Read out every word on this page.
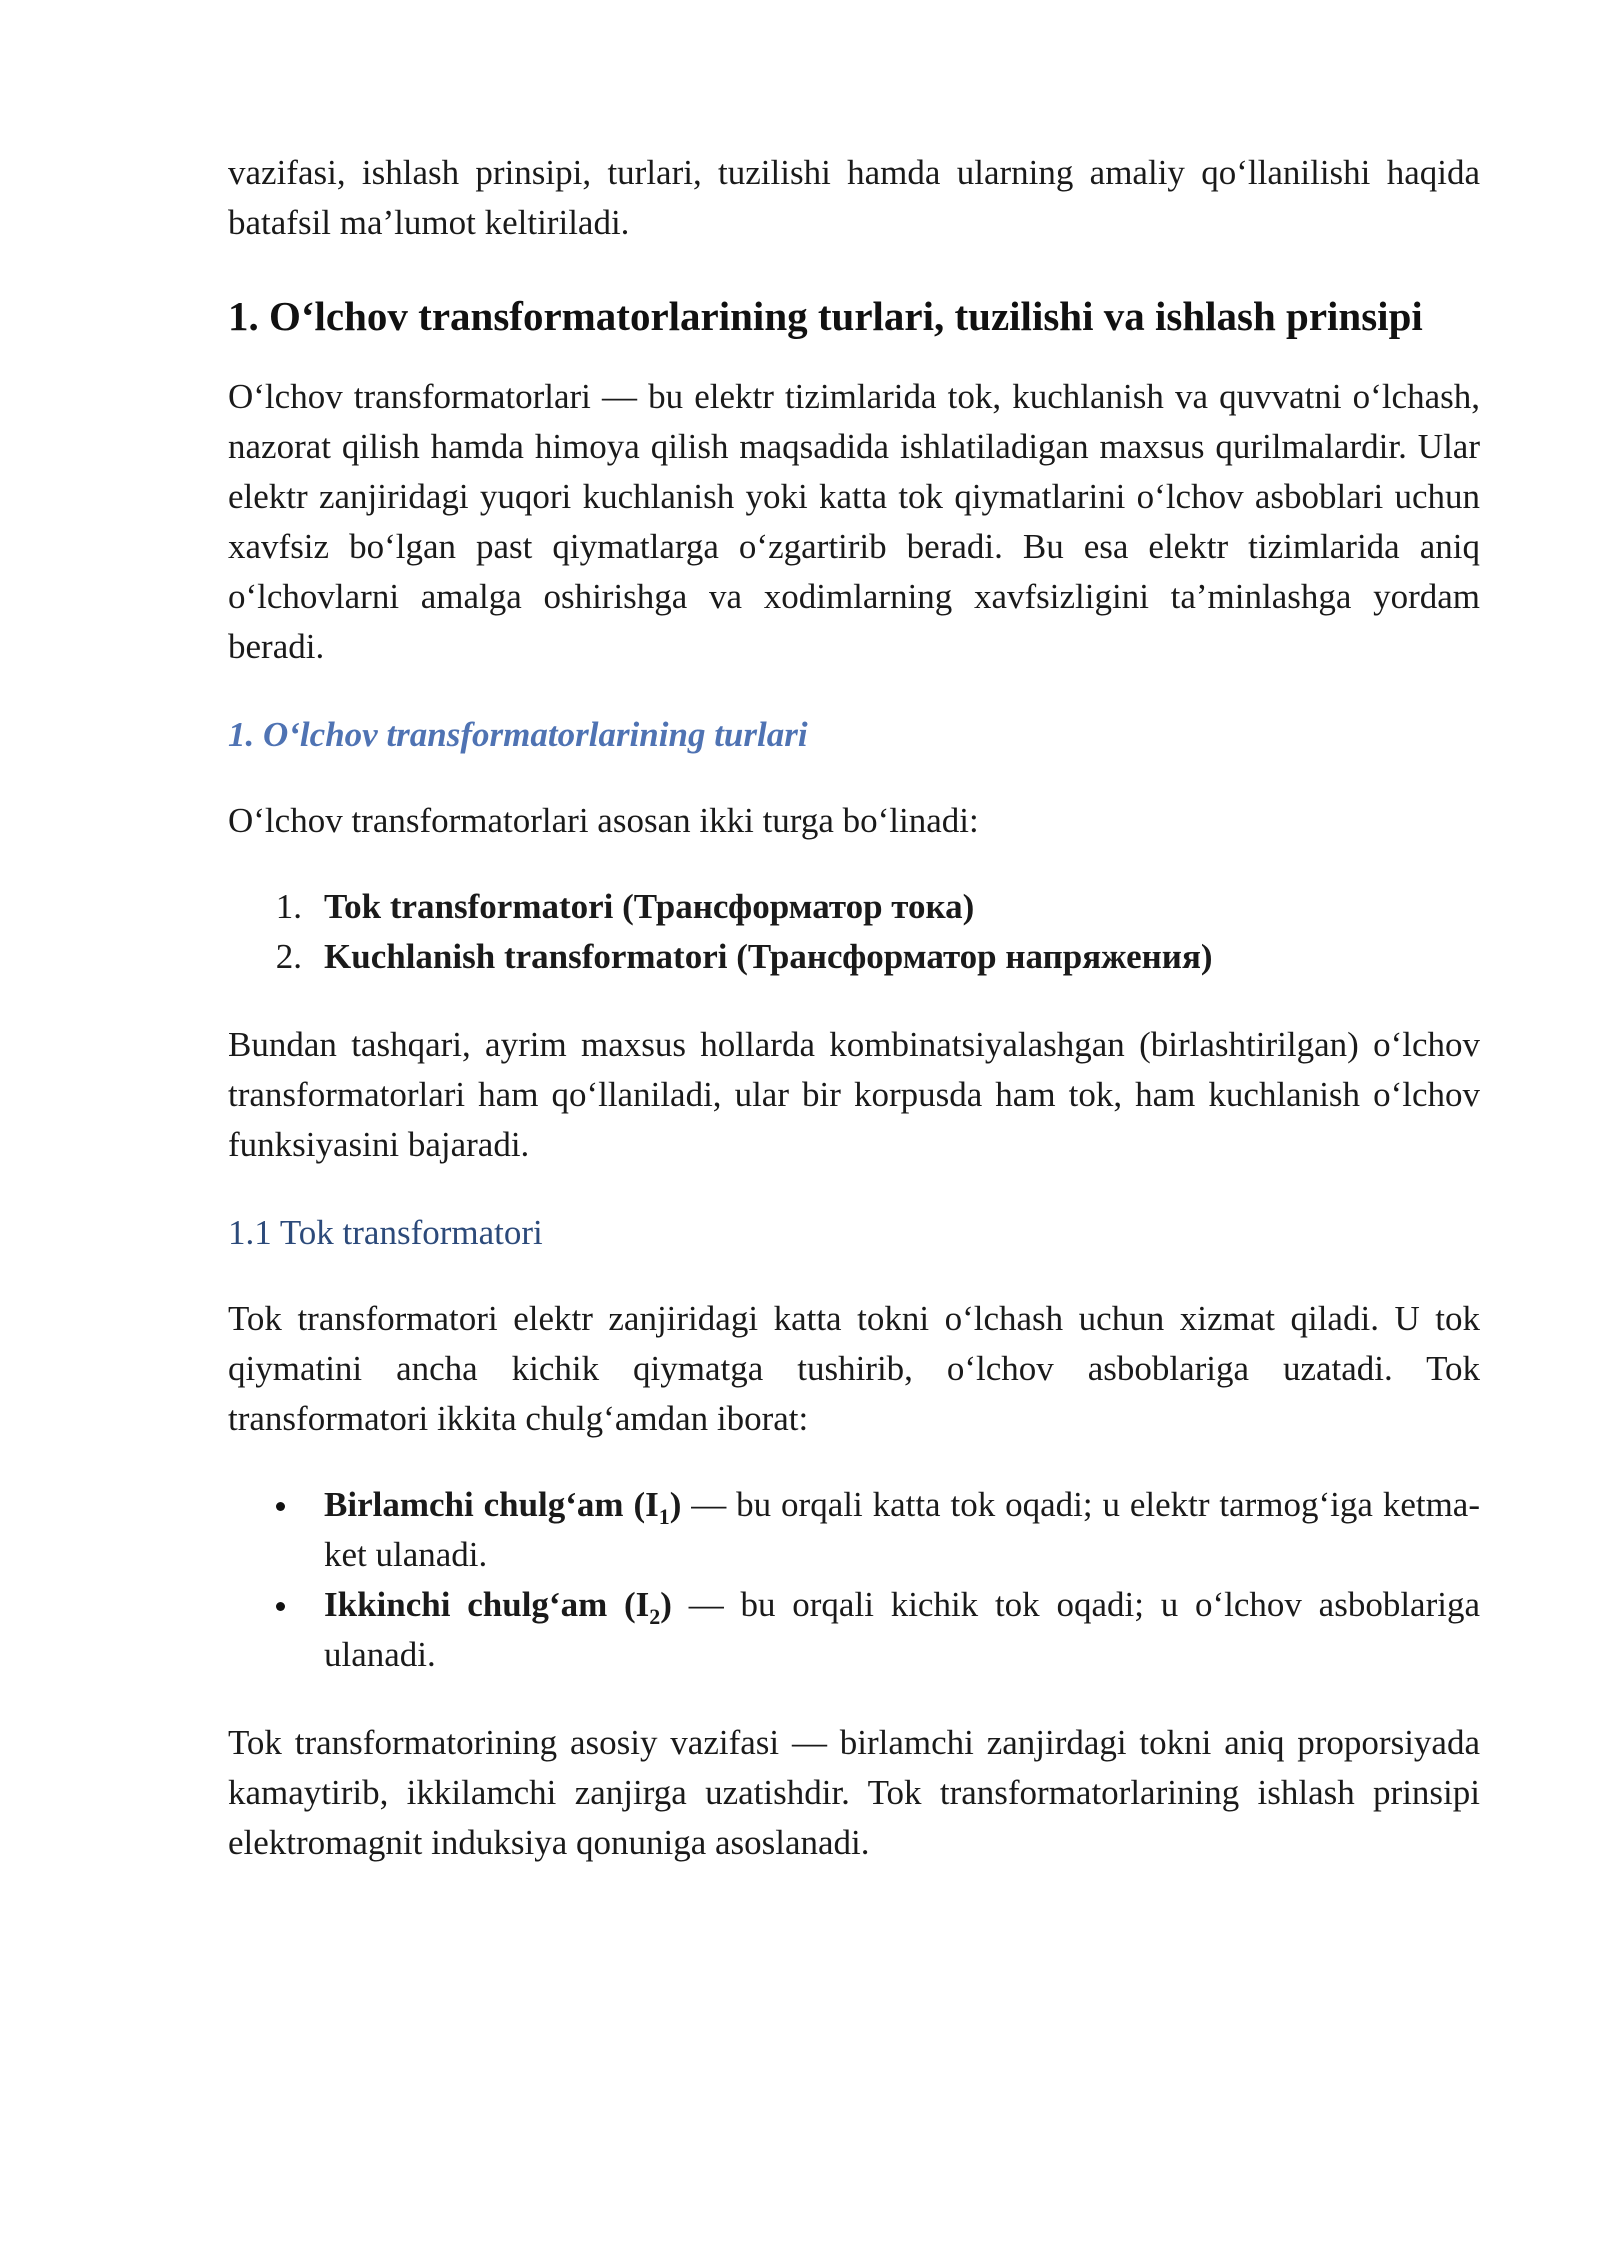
vazifasi, ishlash prinsipi, turlari, tuzilishi hamda ularning amaliy qo‘llanilishi haqida batafsil ma’lumot keltiriladi.

1. O‘lchov transformatorlarining turlari, tuzilishi va ishlash prinsipi

O‘lchov transformatorlari — bu elektr tizimlarida tok, kuchlanish va quvvatni o‘lchash, nazorat qilish hamda himoya qilish maqsadida ishlatiladigan maxsus qurilmalardir. Ular elektr zanjiridagi yuqori kuchlanish yoki katta tok qiymatlarini o‘lchov asboblari uchun xavfsiz bo‘lgan past qiymatlarga o‘zgartirib beradi. Bu esa elektr tizimlarida aniq o‘lchovlarni amalga oshirishga va xodimlarning xavfsizligini ta’minlashga yordam beradi.

1. O‘lchov transformatorlarining turlari

O‘lchov transformatorlari asosan ikki turga bo‘linadi:

1. Tok transformatori (Трансформатор тока)
2. Kuchlanish transformatori (Трансформатор напряжения)

Bundan tashqari, ayrim maxsus hollarda kombinatsiyalashgan (birlashtirilgan) o‘lchov transformatorlari ham qo‘llaniladi, ular bir korpusda ham tok, ham kuchlanish o‘lchov funksiyasini bajaradi.

1.1 Tok transformatori

Tok transformatori elektr zanjiridagi katta tokni o‘lchash uchun xizmat qiladi. U tok qiymatini ancha kichik qiymatga tushirib, o‘lchov asboblariga uzatadi. Tok transformatori ikkita chulg‘amdan iborat:

Birlamchi chulg‘am $(I_1)$ — bu orqali katta tok oqadi; u elektr tarmog‘iga ketma-ket ulanadi.
Ikkinchi chulg‘am $(I_2)$ — bu orqali kichik tok oqadi; u o‘lchov asboblariga ulanadi.

Tok transformatorining asosiy vazifasi — birlamchi zanjirdagi tokni aniq proporsiyada kamaytirib, ikkilamchi zanjirga uzatishdir. Tok transformatorlarining ishlash prinsipi elektromagnit induksiya qonuniga asoslanadi.
